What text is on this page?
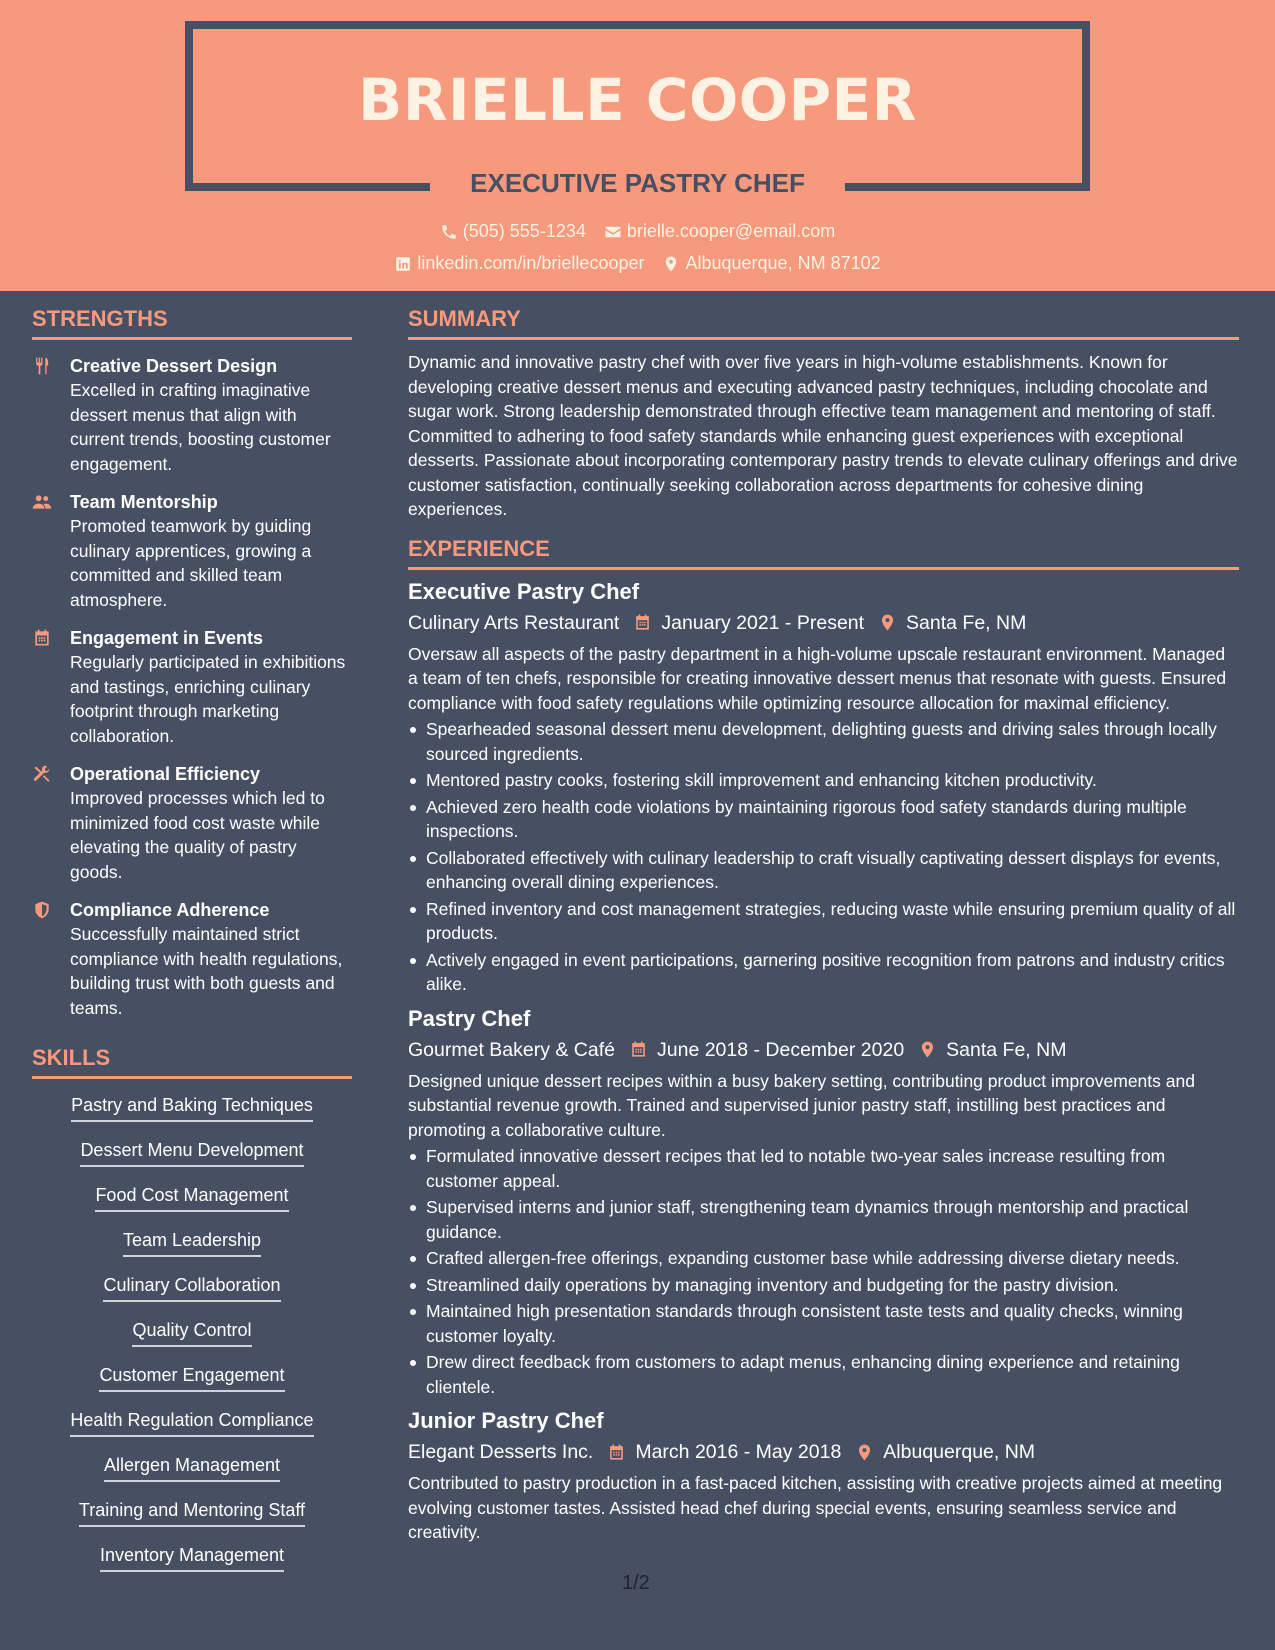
BRIELLE COOPER
EXECUTIVE PASTRY CHEF
(505) 555-1234 brielle.cooper@email.com
linkedin.com/in/briellecooper Albuquerque, NM 87102
STRENGTHS
Creative Dessert Design
Excelled in crafting imaginative dessert menus that align with current trends, boosting customer engagement.
Team Mentorship
Promoted teamwork by guiding culinary apprentices, growing a committed and skilled team atmosphere.
Engagement in Events
Regularly participated in exhibitions and tastings, enriching culinary footprint through marketing collaboration.
Operational Efficiency
Improved processes which led to minimized food cost waste while elevating the quality of pastry goods.
Compliance Adherence
Successfully maintained strict compliance with health regulations, building trust with both guests and teams.
SKILLS
Pastry and Baking Techniques
Dessert Menu Development
Food Cost Management
Team Leadership
Culinary Collaboration
Quality Control
Customer Engagement
Health Regulation Compliance
Allergen Management
Training and Mentoring Staff
Inventory Management
SUMMARY
Dynamic and innovative pastry chef with over five years in high-volume establishments. Known for developing creative dessert menus and executing advanced pastry techniques, including chocolate and sugar work. Strong leadership demonstrated through effective team management and mentoring of staff. Committed to adhering to food safety standards while enhancing guest experiences with exceptional desserts. Passionate about incorporating contemporary pastry trends to elevate culinary offerings and drive customer satisfaction, continually seeking collaboration across departments for cohesive dining experiences.
EXPERIENCE
Executive Pastry Chef
Culinary Arts Restaurant January 2021 - Present Santa Fe, NM
Oversaw all aspects of the pastry department in a high-volume upscale restaurant environment. Managed a team of ten chefs, responsible for creating innovative dessert menus that resonate with guests. Ensured compliance with food safety regulations while optimizing resource allocation for maximal efficiency.
Spearheaded seasonal dessert menu development, delighting guests and driving sales through locally sourced ingredients.
Mentored pastry cooks, fostering skill improvement and enhancing kitchen productivity.
Achieved zero health code violations by maintaining rigorous food safety standards during multiple inspections.
Collaborated effectively with culinary leadership to craft visually captivating dessert displays for events, enhancing overall dining experiences.
Refined inventory and cost management strategies, reducing waste while ensuring premium quality of all products.
Actively engaged in event participations, garnering positive recognition from patrons and industry critics alike.
Pastry Chef
Gourmet Bakery & Café June 2018 - December 2020 Santa Fe, NM
Designed unique dessert recipes within a busy bakery setting, contributing product improvements and substantial revenue growth. Trained and supervised junior pastry staff, instilling best practices and promoting a collaborative culture.
Formulated innovative dessert recipes that led to notable two-year sales increase resulting from customer appeal.
Supervised interns and junior staff, strengthening team dynamics through mentorship and practical guidance.
Crafted allergen-free offerings, expanding customer base while addressing diverse dietary needs.
Streamlined daily operations by managing inventory and budgeting for the pastry division.
Maintained high presentation standards through consistent taste tests and quality checks, winning customer loyalty.
Drew direct feedback from customers to adapt menus, enhancing dining experience and retaining clientele.
Junior Pastry Chef
Elegant Desserts Inc. March 2016 - May 2018 Albuquerque, NM
Contributed to pastry production in a fast-paced kitchen, assisting with creative projects aimed at meeting evolving customer tastes. Assisted head chef during special events, ensuring seamless service and creativity.
1/2
